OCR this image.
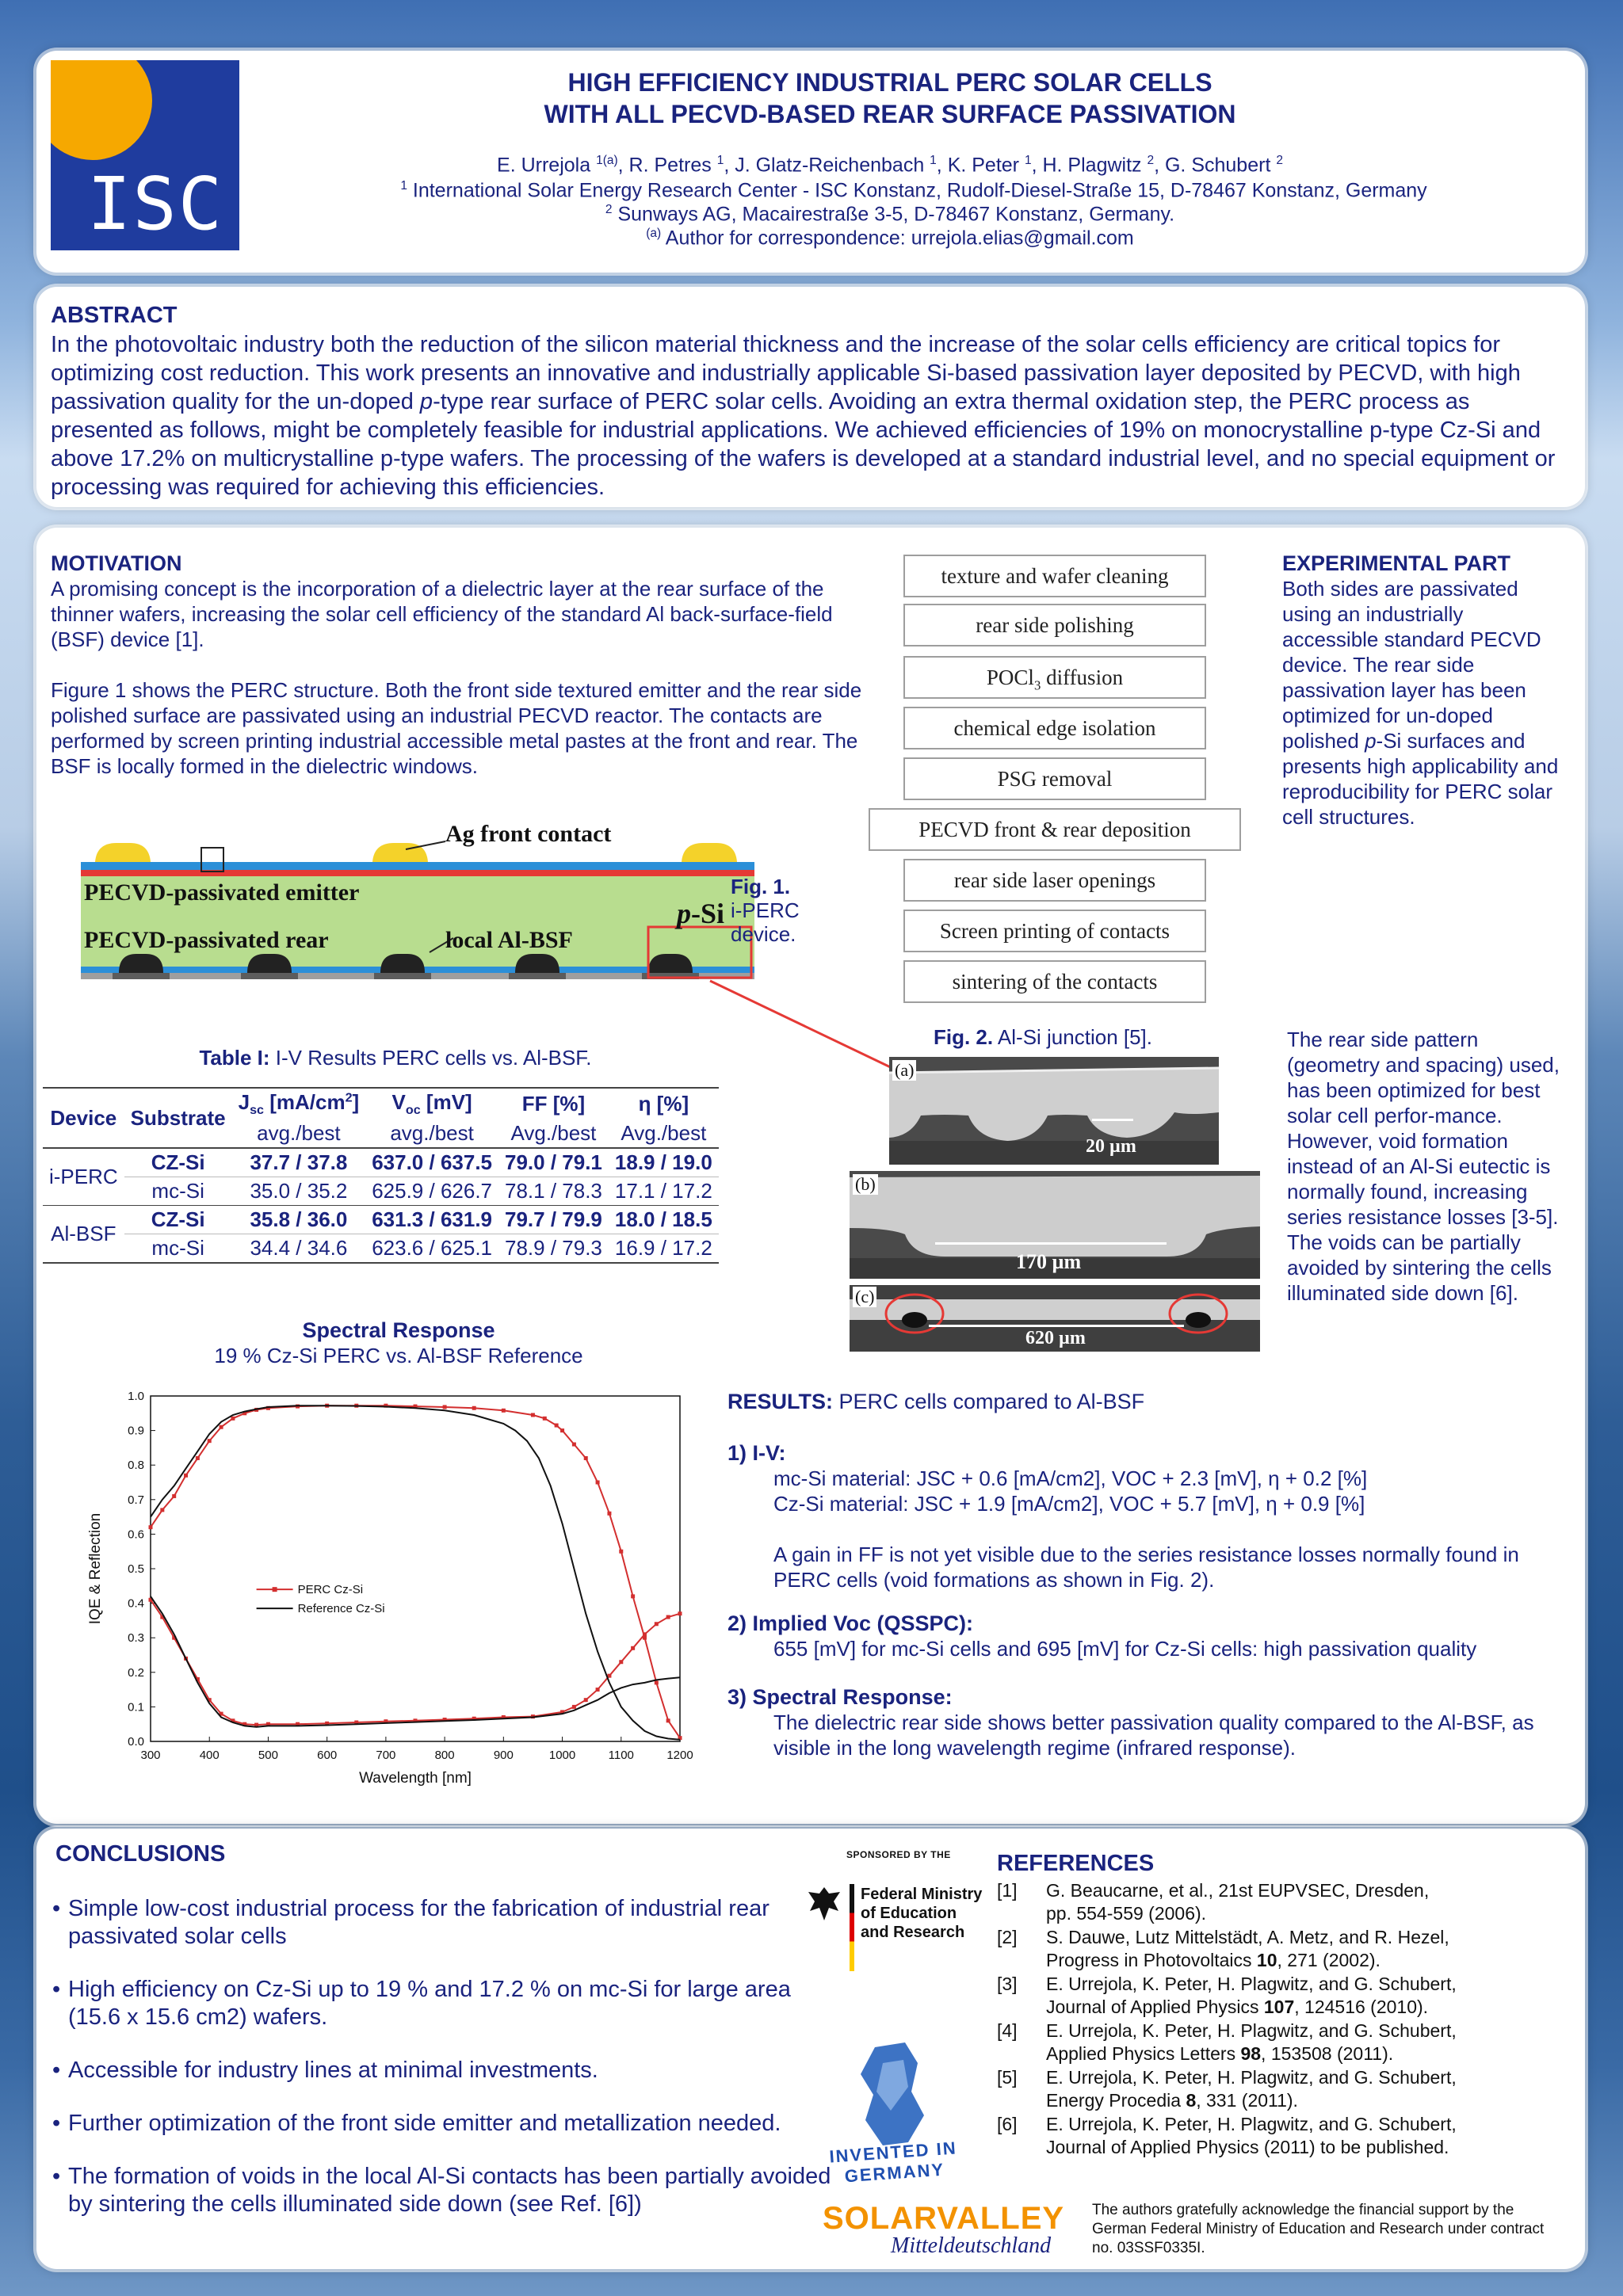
ISC
HIGH EFFICIENCY INDUSTRIAL PERC SOLAR CELLS
WITH ALL PECVD-BASED REAR SURFACE PASSIVATION
E. Urrejola $^{1(a)}$, R. Petres $^1$, J. Glatz-Reichenbach $^1$, K. Peter $^1$, H. Plagwitz $^2$, G. Schubert $^2$
$^1$ International Solar Energy Research Center - ISC Konstanz, Rudolf-Diesel-Straße 15, D-78467 Konstanz, Germany
$^2$ Sunways AG, Macairestraße 3-5, D-78467 Konstanz, Germany.
$^{(a)}$ Author for correspondence: urrejola.elias@gmail.com
ABSTRACT
In the photovoltaic industry both the reduction of the silicon material thickness and the increase of the solar cells efficiency are critical topics for optimizing cost reduction. This work presents an innovative and industrially applicable Si-based passivation layer deposited by PECVD, with high passivation quality for the un-doped p-type rear surface of PERC solar cells. Avoiding an extra thermal oxidation step, the PERC process as presented as follows, might be completely feasible for industrial applications. We achieved efficiencies of 19% on monocrystalline p-type Cz-Si and above 17.2% on multicrystalline p-type wafers. The processing of the wafers is developed at a standard industrial level, and no special equipment or processing was required for achieving this efficiencies.
MOTIVATION
A promising concept is the incorporation of a dielectric layer at the rear surface of the thinner wafers, increasing the solar cell efficiency of the standard Al back-surface-field (BSF) device [1].
Figure 1 shows the PERC structure. Both the front side textured emitter and the rear side polished surface are passivated using an industrial PECVD reactor. The contacts are performed by screen printing industrial accessible metal pastes at the front and rear. The BSF is locally formed in the dielectric windows.
Ag front contact
PECVD-passivated emitter
p-Si
PECVD-passivated rear	local Al-BSF
Fig. 1.
i-PERC device.
texture and wafer cleaning
rear side polishing
POCl$_3$ diffusion
chemical edge isolation
PSG removal
PECVD front & rear deposition
rear side laser openings
Screen printing of contacts
sintering of the contacts
EXPERIMENTAL PART
Both sides are passivated using an industrially accessible standard PECVD device. The rear side passivation layer has been optimized for un-doped polished p-Si surfaces and presents high applicability and reproducibility for PERC solar cell structures.
Table I: I-V Results PERC cells vs. Al-BSF.
Device	Substrate	$J_{sc}$ $[mA/cm^2]$	$V_{oc}$ [mV]	FF [%]	η [%]
		avg./best	avg./best	Avg./best	Avg./best
i-PERC	CZ-Si	37.7 / 37.8	637.0 / 637.5	79.0 / 79.1	18.9 / 19.0
	mc-Si	35.0 / 35.2	625.9 / 626.7	78.1 / 78.3	17.1 / 17.2
Al-BSF	CZ-Si	35.8 / 36.0	631.3 / 631.9	79.7 / 79.9	18.0 / 18.5
	mc-Si	34.4 / 34.6	623.6 / 625.1	78.9 / 79.3	16.9 / 17.2
Fig. 2. Al-Si junction [5].
(a)
20 µm
(b)
170 µm
(c)
620 µm
The rear side pattern (geometry and spacing) used, has been optimized for best solar cell perfor-mance. However, void formation instead of an Al-Si eutectic is normally found, increasing series resistance losses [3-5]. The voids can be partially avoided by sintering the cells illuminated side down [6].
Spectral Response
19 % Cz-Si PERC vs. Al-BSF Reference
300	400	500	600	700	800	900	1000	1100	1200
0.0
0.1
0.2
0.3
0.4
0.5
0.6
0.7
0.8
0.9
1.0
Wavelength [nm]
IQE & Reflection	PERC Cz-Si
Reference Cz-Si
RESULTS: PERC cells compared to Al-BSF
1) I-V:
mc-Si material: JSC + 0.6 [mA/cm2], VOC + 2.3 [mV], η + 0.2 [%]
Cz-Si material: JSC + 1.9 [mA/cm2], VOC + 5.7 [mV], η + 0.9 [%]
A gain in FF is not yet visible due to the series resistance losses normally found in PERC cells (void formations as shown in Fig. 2).
2) Implied Voc (QSSPC):
655 [mV] for mc-Si cells and 695 [mV] for Cz-Si cells: high passivation quality
3) Spectral Response:
The dielectric rear side shows better passivation quality compared to the Al-BSF, as visible in the long wavelength regime (infrared response).
CONCLUSIONS
• Simple low-cost industrial process for the fabrication of industrial rear passivated solar cells
• High efficiency on Cz-Si up to 19 % and 17.2 % on mc-Si for large area (15.6 x 15.6 cm2) wafers.
• Accessible for industry lines at minimal investments.
• Further optimization of the front side emitter and metallization needed.
• The formation of voids in the local Al-Si contacts has been partially avoided by sintering the cells illuminated side down (see Ref. [6])
SPONSORED BY THE
Federal Ministry
of Education
and Research
INVENTED IN GERMANY
SOLARVALLEY
Mitteldeutschland
REFERENCES
[1]	G. Beaucarne, et al., 21st EUPVSEC, Dresden,
pp. 554-559 (2006).
[2]	S. Dauwe, Lutz Mittelstädt, A. Metz, and R. Hezel,
Progress in Photovoltaics 10, 271 (2002).
[3]	E. Urrejola, K. Peter, H. Plagwitz, and G. Schubert,
Journal of Applied Physics 107, 124516 (2010).
[4]	E. Urrejola, K. Peter, H. Plagwitz, and G. Schubert,
Applied Physics Letters 98, 153508 (2011).
[5]	E. Urrejola, K. Peter, H. Plagwitz, and G. Schubert,
Energy Procedia 8, 331 (2011).
[6]	E. Urrejola, K. Peter, H. Plagwitz, and G. Schubert,
Journal of Applied Physics (2011) to be published.
The authors gratefully acknowledge the financial support by the German Federal Ministry of Education and Research under contract no. 03SSF0335I.
